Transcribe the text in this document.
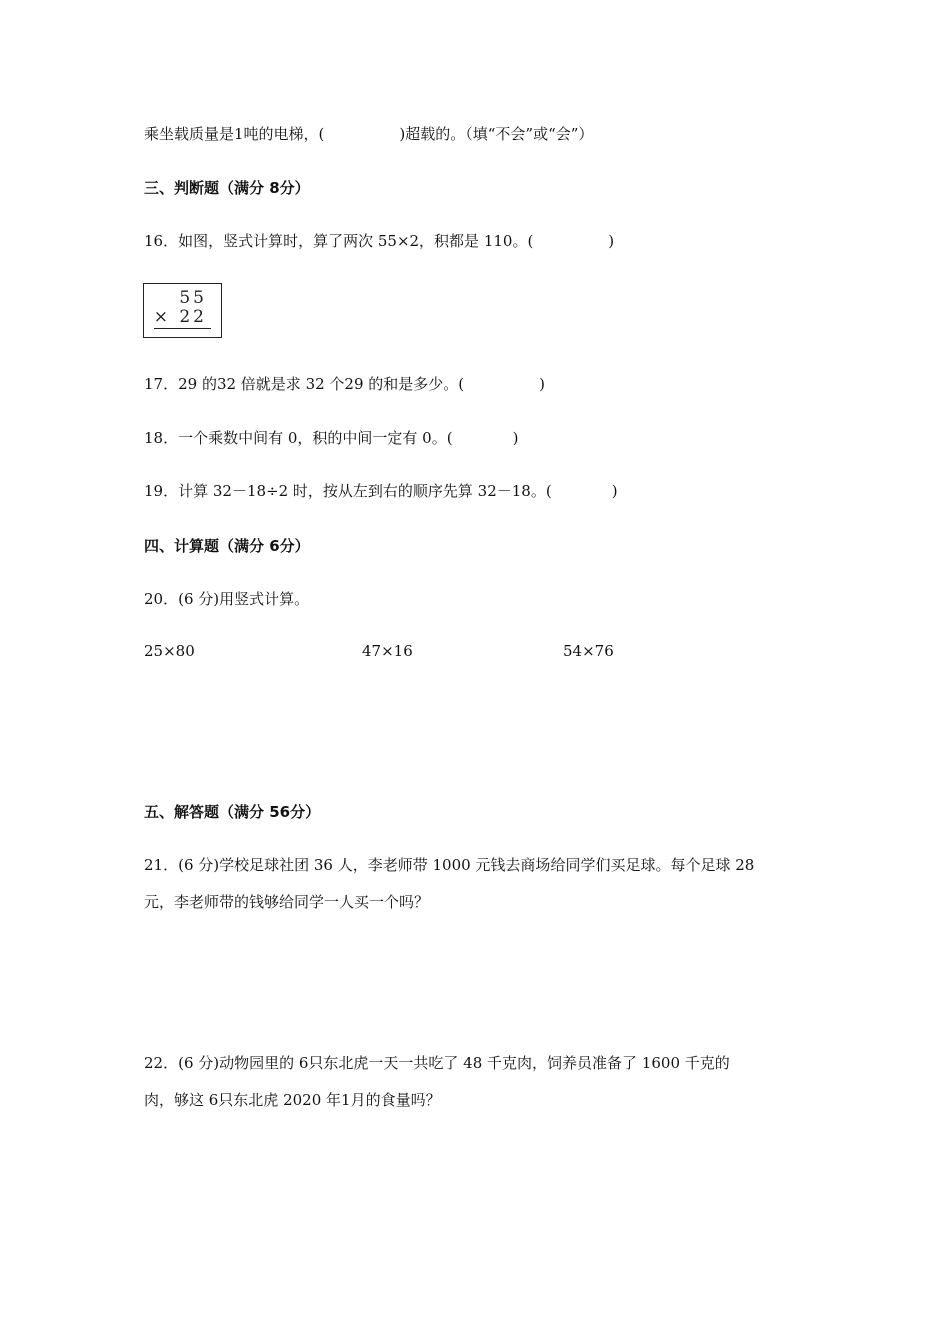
乘坐载质量是1吨的电梯，(　　　　　)超载的。（填“不会”或“会”）
三、判断题（满分 8分）
16．如图，竖式计算时，算了两次 55×2，积都是 110。(　　　　　)
55
× 22
17．29 的32 倍就是求 32 个29 的和是多少。(　　　　　)
18．一个乘数中间有 0，积的中间一定有 0。(　　　　)
19．计算 32－18÷2 时，按从左到右的顺序先算 32－18。(　　　　)
四、计算题（满分 6分）
20．(6 分)用竖式计算。
25×80	47×16	54×76
五、解答题（满分 56分）
21．(6 分)学校足球社团 36 人，李老师带 1000 元钱去商场给同学们买足球。每个足球 28
元，李老师带的钱够给同学一人买一个吗？
22．(6 分)动物园里的 6只东北虎一天一共吃了 48 千克肉，饲养员准备了 1600 千克的
肉，够这 6只东北虎 2020 年1月的食量吗？
